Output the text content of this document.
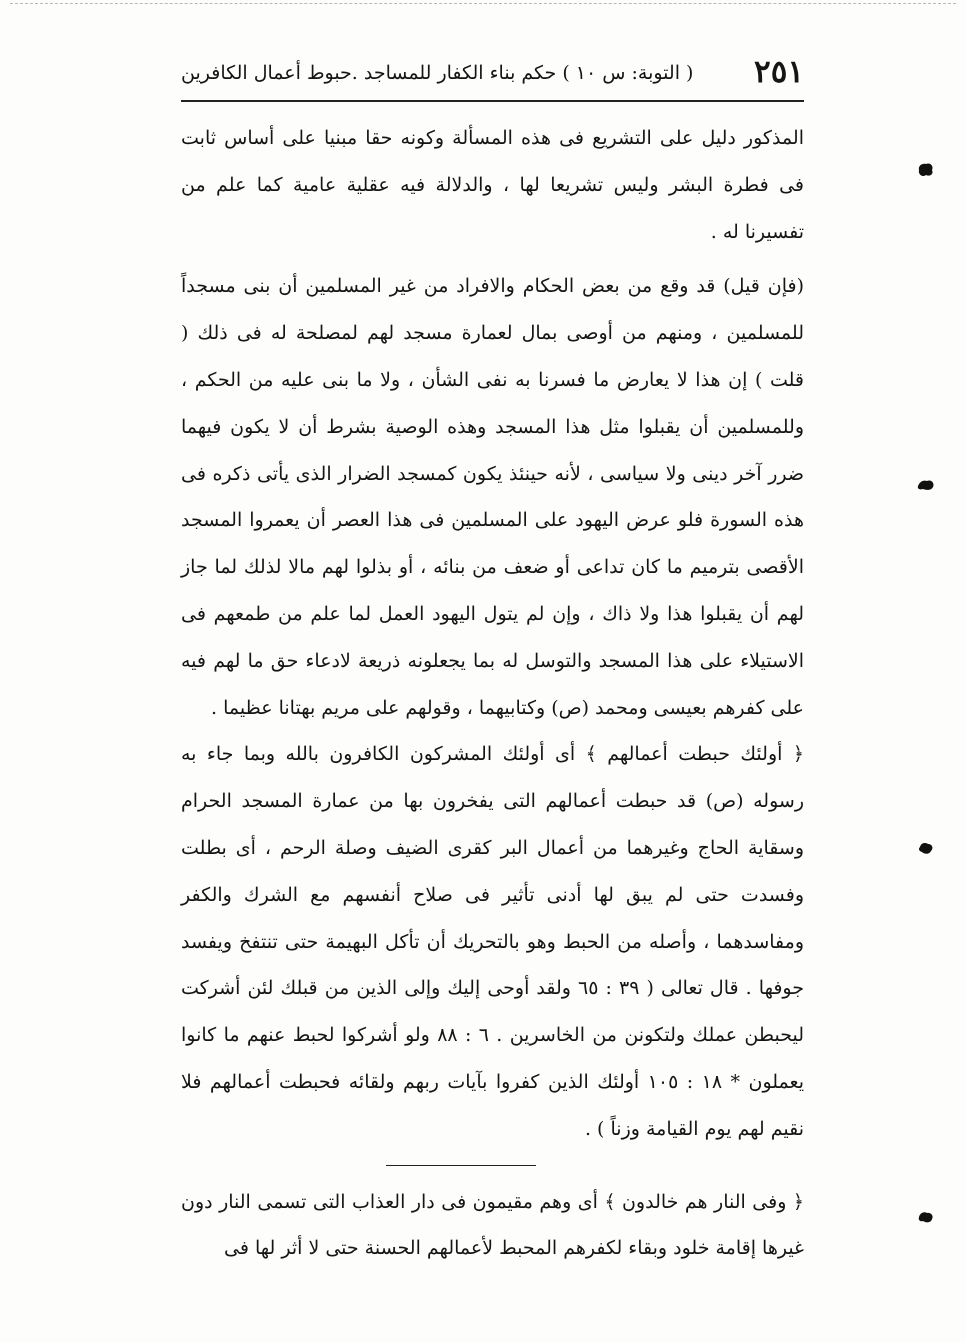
٢٥١
( التوبة: س ١٠ ) حكم بناء الكفار للمساجد .حبوط أعمال الكافرين

المذكور دليل على التشريع فى هذه المسألة وكونه حقا مبنيا على أساس ثابت فى فطرة البشر وليس تشريعا لها ، والدلالة فيه عقلية عامية كما علم من تفسيرنا له .

(فإن قيل) قد وقع من بعض الحكام والافراد من غير المسلمين أن بنى مسجداً للمسلمين ، ومنهم من أوصى بمال لعمارة مسجد لهم لمصلحة له فى ذلك ( قلت ) إن هذا لا يعارض ما فسرنا به نفى الشأن ، ولا ما بنى عليه من الحكم ، وللمسلمين أن يقبلوا مثل هذا المسجد وهذه الوصية بشرط أن لا يكون فيهما ضرر آخر دينى ولا سياسى ، لأنه حينئذ يكون كمسجد الضرار الذى يأتى ذكره فى هذه السورة فلو عرض اليهود على المسلمين فى هذا العصر أن يعمروا المسجد الأقصى بترميم ما كان تداعى أو ضعف من بنائه ، أو بذلوا لهم مالا لذلك لما جاز لهم أن يقبلوا هذا ولا ذاك ، وإن لم يتول اليهود العمل لما علم من طمعهم فى الاستيلاء على هذا المسجد والتوسل له بما يجعلونه ذريعة لادعاء حق ما لهم فيه على كفرهم بعيسى ومحمد (ص) وكتابيهما ، وقولهم على مريم بهتانا عظيما .

﴿ أولئك حبطت أعمالهم ﴾ أى أولئك المشركون الكافرون بالله وبما جاء به رسوله (ص) قد حبطت أعمالهم التى يفخرون بها من عمارة المسجد الحرام وسقاية الحاج وغيرهما من أعمال البر كقرى الضيف وصلة الرحم ، أى بطلت وفسدت حتى لم يبق لها أدنى تأثير فى صلاح أنفسهم مع الشرك والكفر ومفاسدهما ، وأصله من الحبط وهو بالتحريك أن تأكل البهيمة حتى تنتفخ ويفسد جوفها . قال تعالى ( ٣٩ : ٦٥ ولقد أوحى إليك وإلى الذين من قبلك لئن أشركت ليحبطن عملك ولتكونن من الخاسرين . ٦ : ٨٨ ولو أشركوا لحبط عنهم ما كانوا يعملون * ١٨ : ١٠٥ أولئك الذين كفروا بآيات ربهم ولقائه فحبطت أعمالهم فلا نقيم لهم يوم القيامة وزناً ) .

﴿ وفى النار هم خالدون ﴾ أى وهم مقيمون فى دار العذاب التى تسمى النار دون غيرها إقامة خلود وبقاء لكفرهم المحبط لأعمالهم الحسنة حتى لا أثر لها فى
